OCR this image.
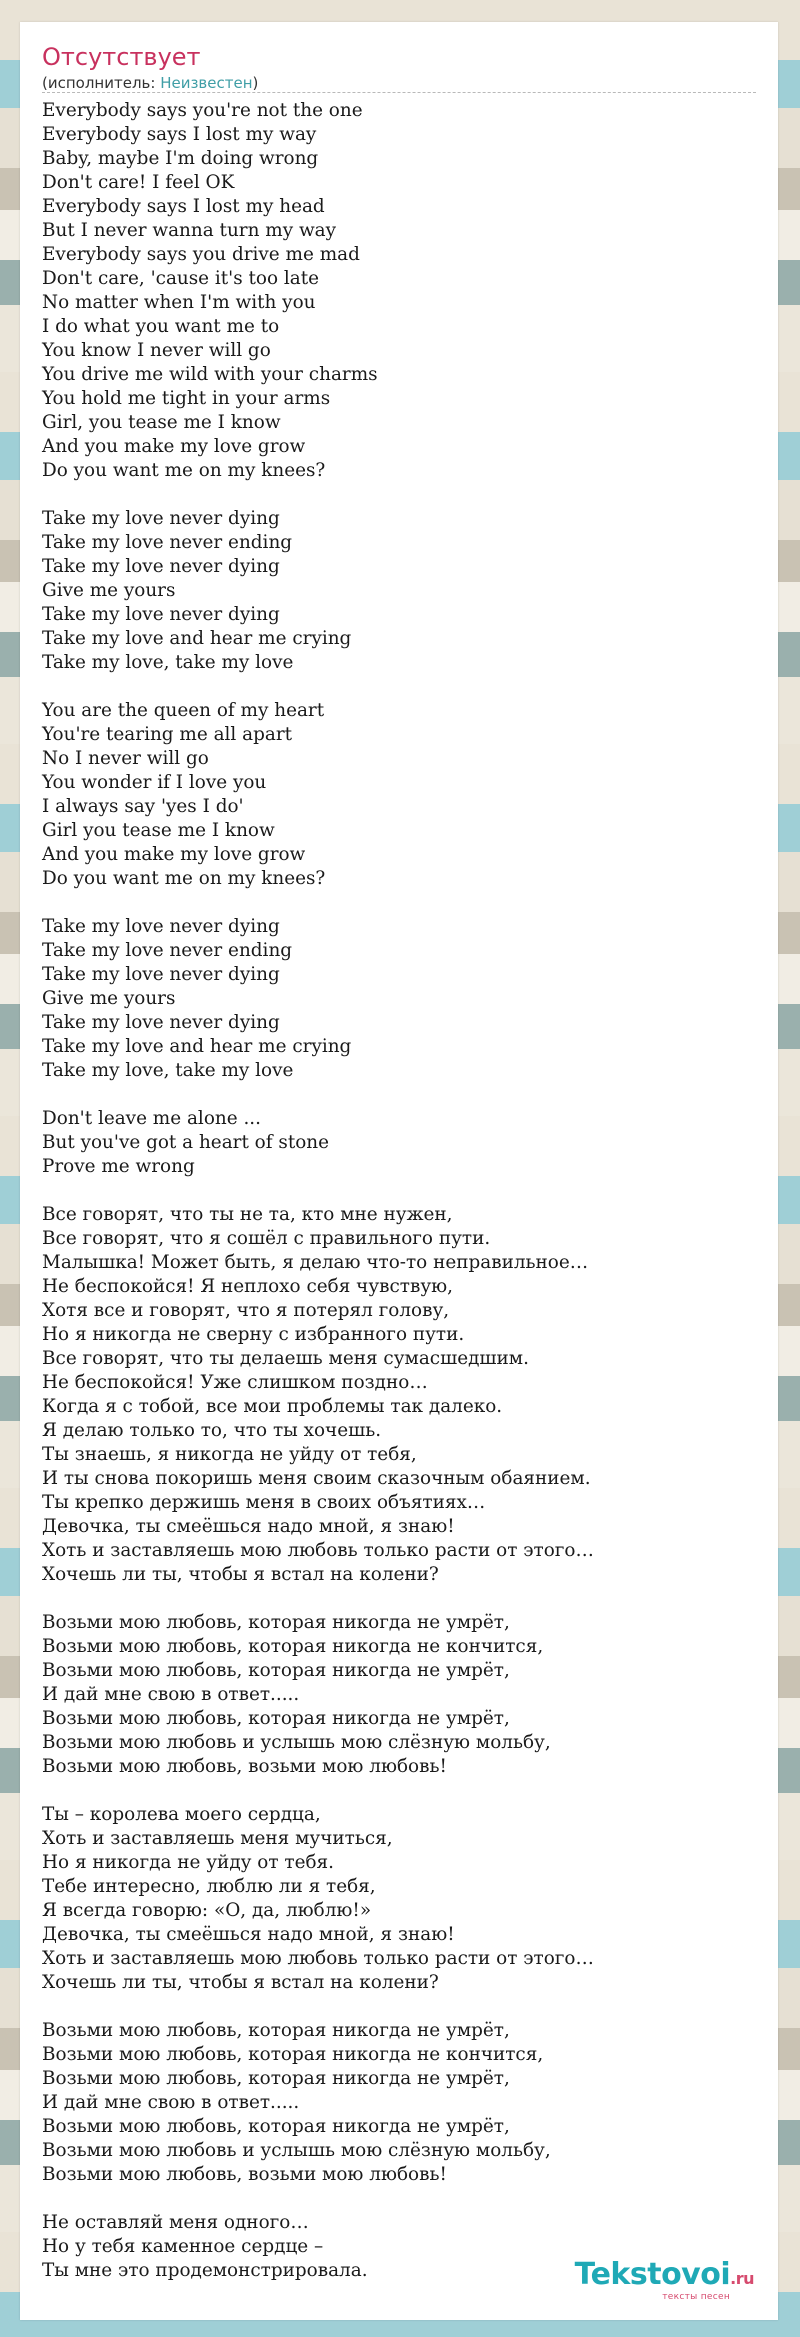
Отсутствует
(исполнитель: Неизвестен)
Everybody says you're not the one
Everybody says I lost my way
Baby, maybe I'm doing wrong
Don't care! I feel OK
Everybody says I lost my head
But I never wanna turn my way
Everybody says you drive me mad
Don't care, 'cause it's too late
No matter when I'm with you
I do what you want me to
You know I never will go
You drive me wild with your charms
You hold me tight in your arms
Girl, you tease me I know
And you make my love grow
Do you want me on my knees?

Take my love never dying
Take my love never ending
Take my love never dying
Give me yours
Take my love never dying
Take my love and hear me crying
Take my love, take my love

You are the queen of my heart
You're tearing me all apart
No I never will go
You wonder if I love you
I always say 'yes I do'
Girl you tease me I know
And you make my love grow
Do you want me on my knees?

Take my love never dying
Take my love never ending
Take my love never dying
Give me yours
Take my love never dying
Take my love and hear me crying
Take my love, take my love

Don't leave me alone ...
But you've got a heart of stone
Prove me wrong

Все говорят, что ты не та, кто мне нужен,
Все говорят, что я сошёл с правильного пути.
Малышка! Может быть, я делаю что-то неправильное…
Не беспокойся! Я неплохо себя чувствую,
Хотя все и говорят, что я потерял голову,
Но я никогда не сверну с избранного пути.
Все говорят, что ты делаешь меня сумасшедшим.
Не беспокойся! Уже слишком поздно…
Когда я с тобой, все мои проблемы так далеко.
Я делаю только то, что ты хочешь.
Ты знаешь, я никогда не уйду от тебя,
И ты снова покоришь меня своим сказочным обаянием.
Ты крепко держишь меня в своих объятиях…
Девочка, ты смеёшься надо мной, я знаю!
Хоть и заставляешь мою любовь только расти от этого…
Хочешь ли ты, чтобы я встал на колени?

Возьми мою любовь, которая никогда не умрёт,
Возьми мою любовь, которая никогда не кончится,
Возьми мою любовь, которая никогда не умрёт,
И дай мне свою в ответ.....
Возьми мою любовь, которая никогда не умрёт,
Возьми мою любовь и услышь мою слёзную мольбу,
Возьми мою любовь, возьми мою любовь!

Ты – королева моего сердца,
Хоть и заставляешь меня мучиться,
Но я никогда не уйду от тебя.
Тебе интересно, люблю ли я тебя,
Я всегда говорю: «О, да, люблю!»
Девочка, ты смеёшься надо мной, я знаю!
Хоть и заставляешь мою любовь только расти от этого…
Хочешь ли ты, чтобы я встал на колени?

Возьми мою любовь, которая никогда не умрёт,
Возьми мою любовь, которая никогда не кончится,
Возьми мою любовь, которая никогда не умрёт,
И дай мне свою в ответ.....
Возьми мою любовь, которая никогда не умрёт,
Возьми мою любовь и услышь мою слёзную мольбу,
Возьми мою любовь, возьми мою любовь!

Не оставляй меня одного…
Но у тебя каменное сердце –
Ты мне это продемонстрировала.	Tekstovoi.ru
тексты песен
